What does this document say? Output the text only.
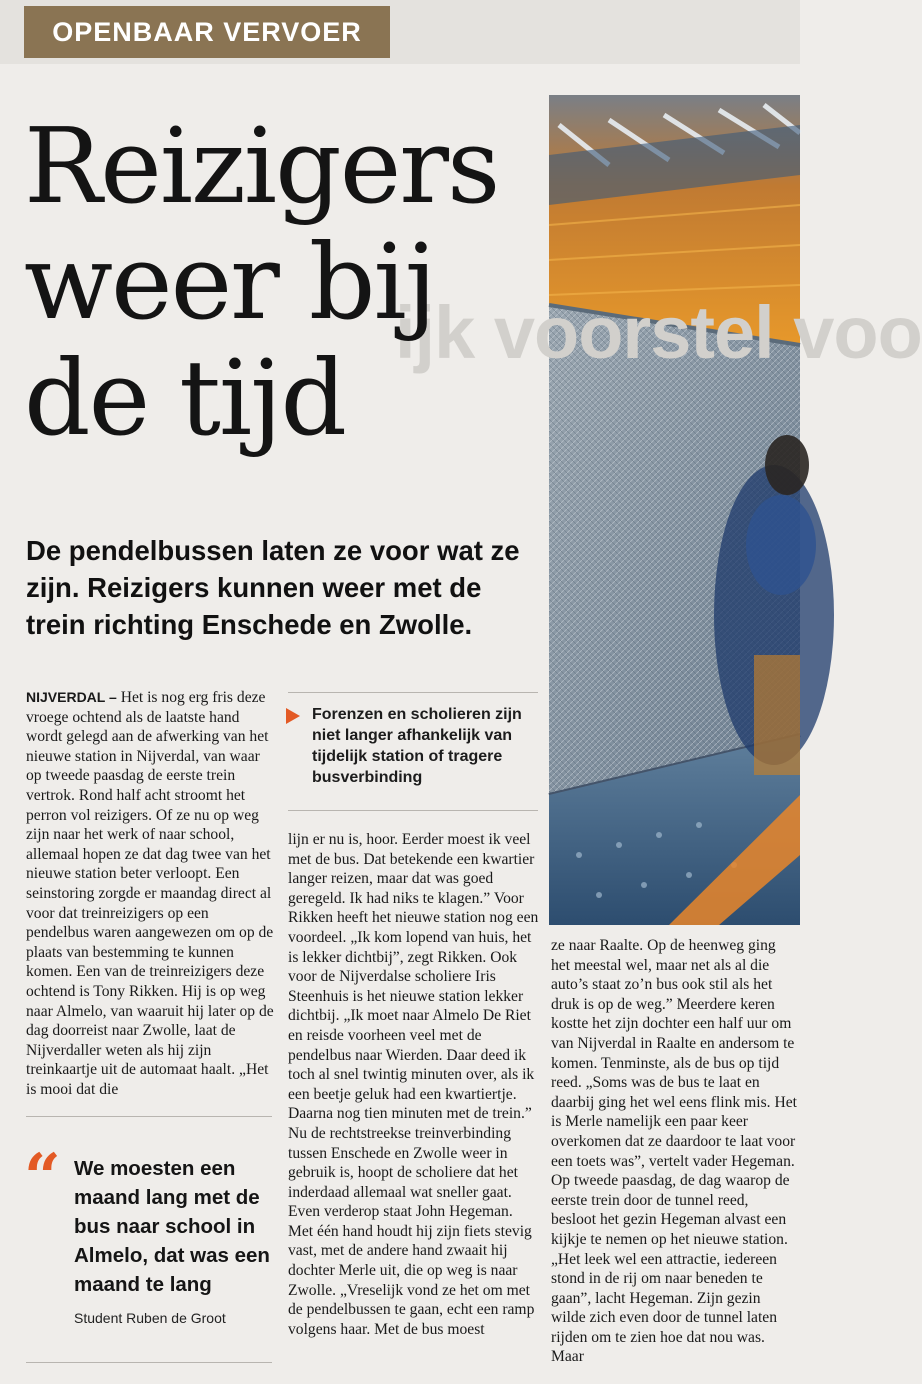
OPENBAAR VERVOER
ijk voorstel voo
Reizigers weer bij de tijd
De pendelbussen laten ze voor wat ze zijn. Reizigers kunnen weer met de trein richting Enschede en Zwolle.

NIJVERDAL – Het is nog erg fris deze vroege ochtend als de laatste hand wordt gelegd aan de afwerking van het nieuwe station in Nijverdal, van waar op tweede paasdag de eerste trein vertrok. Rond half acht stroomt het perron vol reizigers. Of ze nu op weg zijn naar het werk of naar school, allemaal hopen ze dat dag twee van het nieuwe station beter verloopt. Een seinstoring zorgde er maandag direct al voor dat treinreizigers op een pendelbus waren aangewezen om op de plaats van bestemming te kunnen komen. Een van de treinreizigers deze ochtend is Tony Rikken. Hij is op weg naar Almelo, van waaruit hij later op de dag doorreist naar Zwolle, laat de Nijverdaller weten als hij zijn treinkaartje uit de automaat haalt. „Het is mooi dat die

Forenzen en scholieren zijn niet langer afhankelijk van tijdelijk station of tragere busverbinding

lijn er nu is, hoor. Eerder moest ik veel met de bus. Dat betekende een kwartier langer reizen, maar dat was goed geregeld. Ik had niks te klagen.” Voor Rikken heeft het nieuwe station nog een voordeel. „Ik kom lopend van huis, het is lekker dichtbij”, zegt Rikken. Ook voor de Nijverdalse scholiere Iris Steenhuis is het nieuwe station lekker dichtbij. „Ik moet naar Almelo De Riet en reisde voorheen veel met de pendelbus naar Wierden. Daar deed ik toch al snel twintig minuten over, als ik een beetje geluk had een kwartiertje. Daarna nog tien minuten met de trein.” Nu de rechtstreekse treinverbinding tussen Enschede en Zwolle weer in gebruik is, hoopt de scholiere dat het inderdaad allemaal wat sneller gaat. Even verderop staat John Hegeman. Met één hand houdt hij zijn fiets stevig vast, met de andere hand zwaait hij dochter Merle uit, die op weg is naar Zwolle. „Vreselijk vond ze het om met de pendelbussen te gaan, echt een ramp volgens haar. Met de bus moest

ze naar Raalte. Op de heenweg ging het meestal wel, maar net als al die auto’s staat zo’n bus ook stil als het druk is op de weg.” Meerdere keren kostte het zijn dochter een half uur om van Nijverdal in Raalte en andersom te komen. Tenminste, als de bus op tijd reed. „Soms was de bus te laat en daarbij ging het wel eens flink mis. Het is Merle namelijk een paar keer overkomen dat ze daardoor te laat voor een toets was”, vertelt vader Hegeman. Op tweede paasdag, de dag waarop de eerste trein door de tunnel reed, besloot het gezin Hegeman alvast een kijkje te nemen op het nieuwe station. „Het leek wel een attractie, iedereen stond in de rij om naar beneden te gaan”, lacht Hegeman. Zijn gezin wilde zich even door de tunnel laten rijden om te zien hoe dat nou was. Maar

“ We moesten een maand lang met de bus naar school in Almelo, dat was een maand te lang
Student Ruben de Groot
